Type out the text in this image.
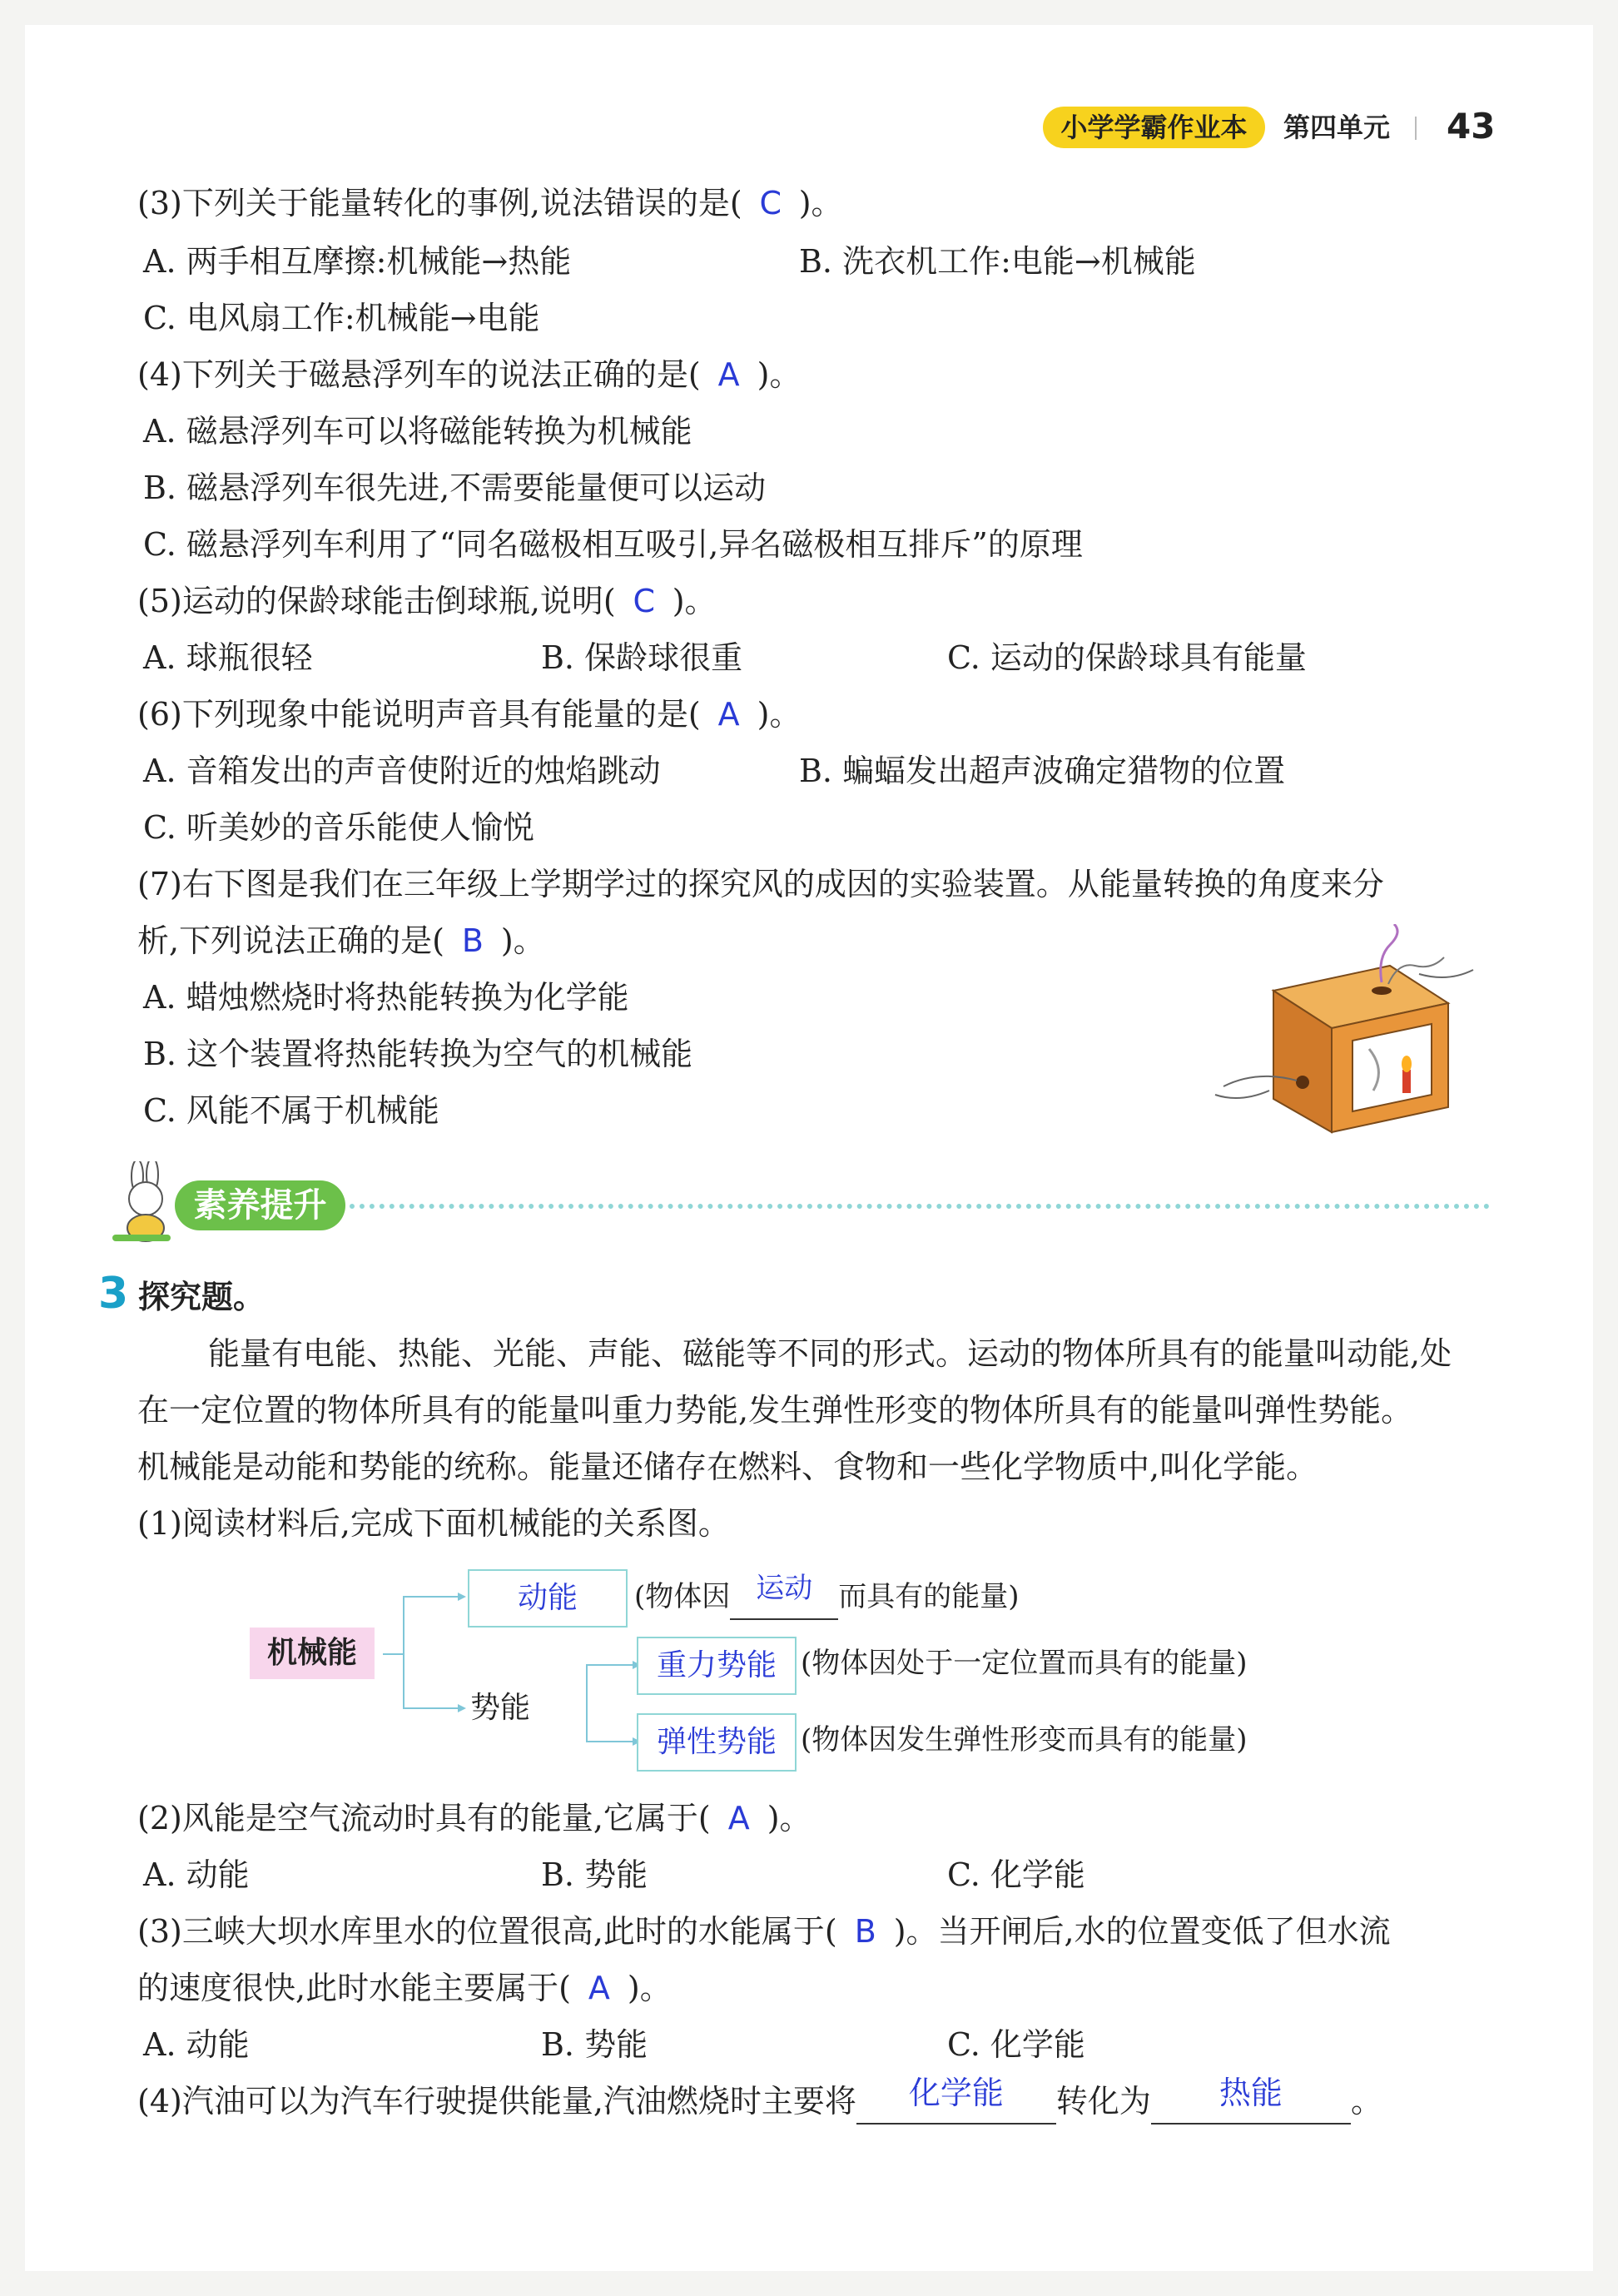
小学学霸作业本	第四单元 43
(3)下列关于能量转化的事例,说法错误的是( C )。
A. 两手相互摩擦:机械能→热能	B. 洗衣机工作:电能→机械能
C. 电风扇工作:机械能→电能
(4)下列关于磁悬浮列车的说法正确的是( A )。
A. 磁悬浮列车可以将磁能转换为机械能
B. 磁悬浮列车很先进,不需要能量便可以运动
C. 磁悬浮列车利用了“同名磁极相互吸引,异名磁极相互排斥”的原理
(5)运动的保龄球能击倒球瓶,说明( C )。
A. 球瓶很轻	B. 保龄球很重	C. 运动的保龄球具有能量
(6)下列现象中能说明声音具有能量的是( A )。
A. 音箱发出的声音使附近的烛焰跳动	B. 蝙蝠发出超声波确定猎物的位置
C. 听美妙的音乐能使人愉悦
(7)右下图是我们在三年级上学期学过的探究风的成因的实验装置。从能量转换的角度来分
析,下列说法正确的是( B )。
A. 蜡烛燃烧时将热能转换为化学能
B. 这个装置将热能转换为空气的机械能
C. 风能不属于机械能
素养提升
3 探究题。
能量有电能、热能、光能、声能、磁能等不同的形式。运动的物体所具有的能量叫动能,处
在一定位置的物体所具有的能量叫重力势能,发生弹性形变的物体所具有的能量叫弹性势能。
机械能是动能和势能的统称。能量还储存在燃料、食物和一些化学物质中,叫化学能。
(1)阅读材料后,完成下面机械能的关系图。
机械能
动能	(物体因 运动 而具有的能量)
势能
重力势能 (物体因处于一定位置而具有的能量)
弹性势能 (物体因发生弹性形变而具有的能量)
(2)风能是空气流动时具有的能量,它属于( A )。
A. 动能	B. 势能	C. 化学能
(3)三峡大坝水库里水的位置很高,此时的水能属于( B )。当开闸后,水的位置变低了但水流
的速度很快,此时水能主要属于( A )。
A. 动能	B. 势能	C. 化学能
(4)汽油可以为汽车行驶提供能量,汽油燃烧时主要将 化学能 转化为 热能 。
